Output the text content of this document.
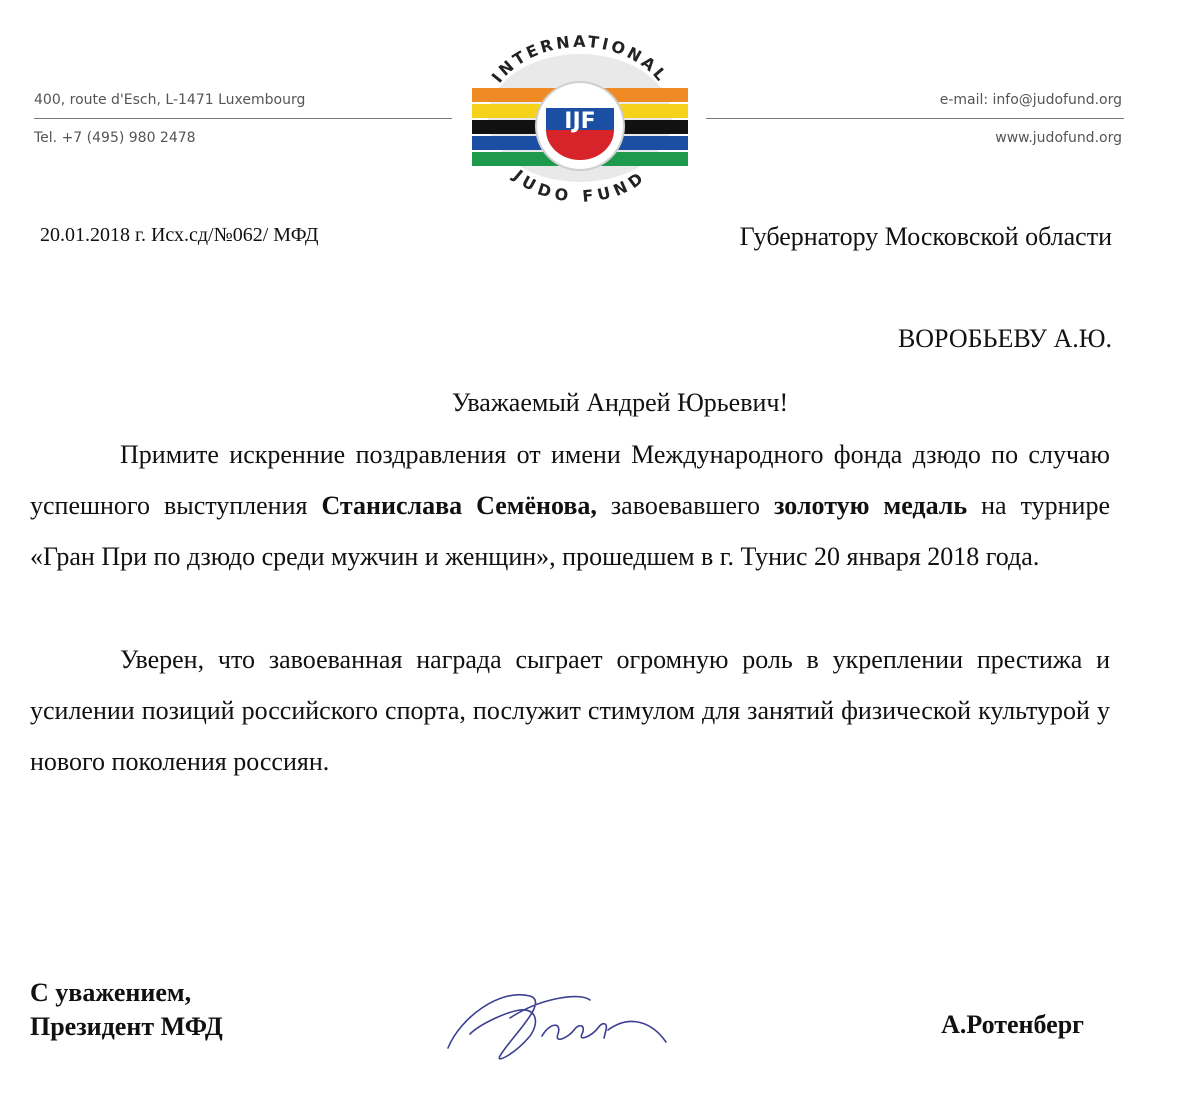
400, route d'Esch, L-1471 Luxembourg
Tel. +7 (495) 980 2478
IJF
INTERNATIONAL
JUDO FUND
e-mail: info@judofund.org
www.judofund.org
20.01.2018 г. Исх.сд/№062/ МФД	Губернатору Московской области
ВОРОБЬЕВУ А.Ю.
Уважаемый Андрей Юрьевич!

Примите искренние поздравления от имени Международного фонда дзюдо по случаю успешного выступления Станислава Семёнова, завоевавшего золотую медаль на турнире «Гран При по дзюдо среди мужчин и женщин», прошедшем в г. Тунис 20 января 2018 года.

Уверен, что завоеванная награда сыграет огромную роль в укреплении престижа и усилении позиций российского спорта, послужит стимулом для занятий физической культурой у нового поколения россиян.

С уважением,
Президент МФД	А.Ротенберг
